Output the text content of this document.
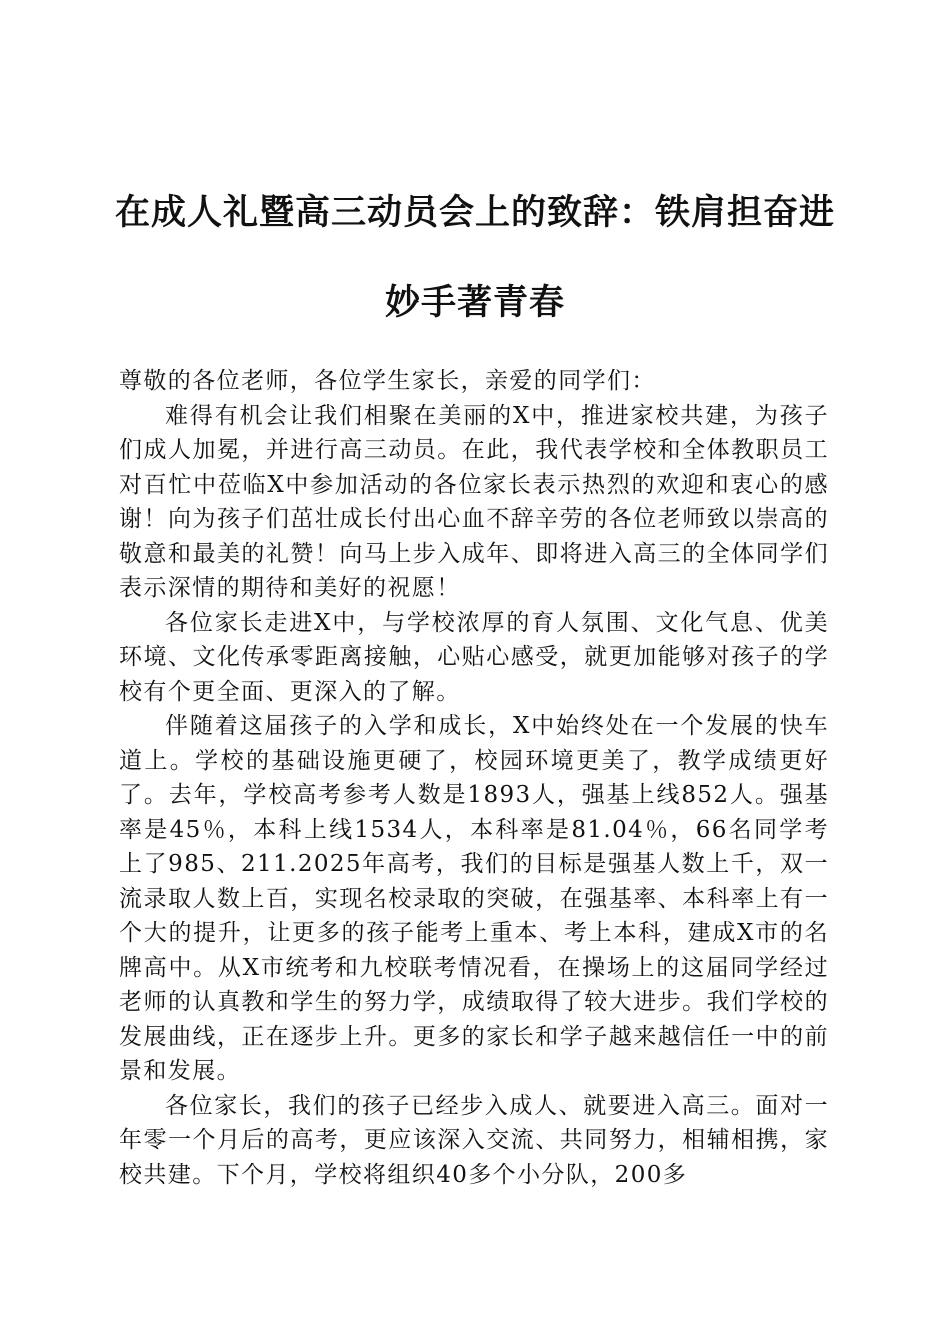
在成人礼暨高三动员会上的致辞：铁肩担奋进
妙手著青春

尊敬的各位老师，各位学生家长，亲爱的同学们：

难得有机会让我们相聚在美丽的X中，推进家校共建，为孩子们成人加冕，并进行高三动员。在此，我代表学校和全体教职员工对百忙中莅临X中参加活动的各位家长表示热烈的欢迎和衷心的感谢！向为孩子们茁壮成长付出心血不辞辛劳的各位老师致以崇高的敬意和最美的礼赞！向马上步入成年、即将进入高三的全体同学们表示深情的期待和美好的祝愿！

各位家长走进X中，与学校浓厚的育人氛围、文化气息、优美环境、文化传承零距离接触，心贴心感受，就更加能够对孩子的学校有个更全面、更深入的了解。

伴随着这届孩子的入学和成长，X中始终处在一个发展的快车道上。学校的基础设施更硬了，校园环境更美了，教学成绩更好了。去年，学校高考参考人数是1893人，强基上线852人。强基率是45％，本科上线1534人，本科率是81.04％，66名同学考上了985、211.2025年高考，我们的目标是强基人数上千，双一流录取人数上百，实现名校录取的突破，在强基率、本科率上有一个大的提升，让更多的孩子能考上重本、考上本科，建成X市的名牌高中。从X市统考和九校联考情况看，在操场上的这届同学经过老师的认真教和学生的努力学，成绩取得了较大进步。我们学校的发展曲线，正在逐步上升。更多的家长和学子越来越信任一中的前景和发展。

各位家长，我们的孩子已经步入成人、就要进入高三。面对一年零一个月后的高考，更应该深入交流、共同努力，相辅相携，家校共建。下个月，学校将组织40多个小分队，200多
